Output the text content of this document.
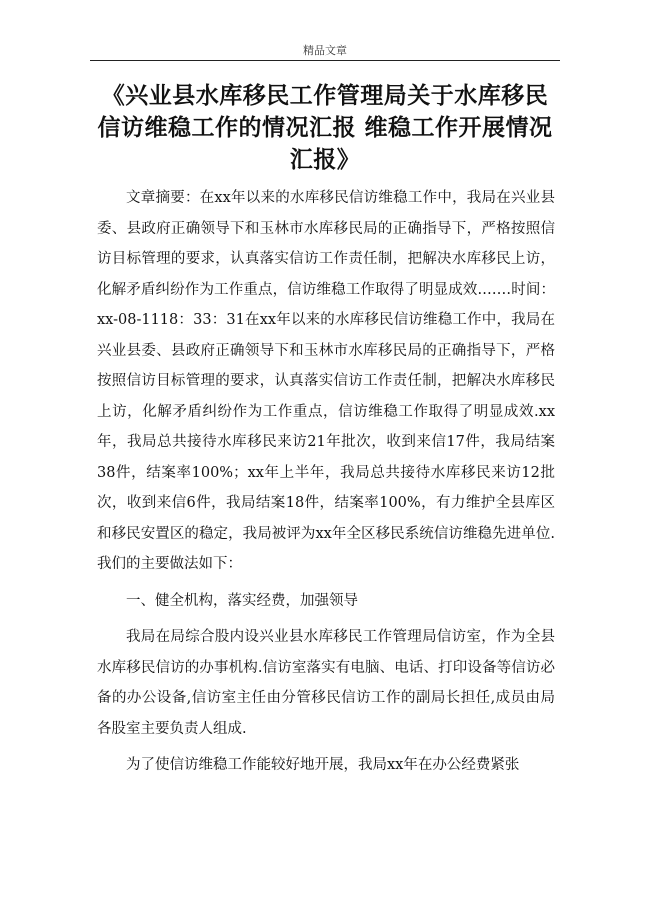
精品文章
《兴业县水库移民工作管理局关于水库移民信访维稳工作的情况汇报 维稳工作开展情况汇报》

文章摘要：在xx年以来的水库移民信访维稳工作中，我局在兴业县委、县政府正确领导下和玉林市水库移民局的正确指导下，严格按照信访目标管理的要求，认真落实信访工作责任制，把解决水库移民上访，化解矛盾纠纷作为工作重点，信访维稳工作取得了明显成效.……时间：xx-08-1118：33：31在xx年以来的水库移民信访维稳工作中，我局在兴业县委、县政府正确领导下和玉林市水库移民局的正确指导下，严格按照信访目标管理的要求，认真落实信访工作责任制，把解决水库移民上访，化解矛盾纠纷作为工作重点，信访维稳工作取得了明显成效.xx年，我局总共接待水库移民来访21年批次，收到来信17件，我局结案38件，结案率100%；xx年上半年，我局总共接待水库移民来访12批次，收到来信6件，我局结案18件，结案率100%，有力维护全县库区和移民安置区的稳定，我局被评为xx年全区移民系统信访维稳先进单位.我们的主要做法如下：

一、健全机构，落实经费，加强领导

我局在局综合股内设兴业县水库移民工作管理局信访室，作为全县水库移民信访的办事机构.信访室落实有电脑、电话、打印设备等信访必备的办公设备,信访室主任由分管移民信访工作的副局长担任,成员由局各股室主要负责人组成.

为了使信访维稳工作能较好地开展，我局xx年在办公经费紧张
